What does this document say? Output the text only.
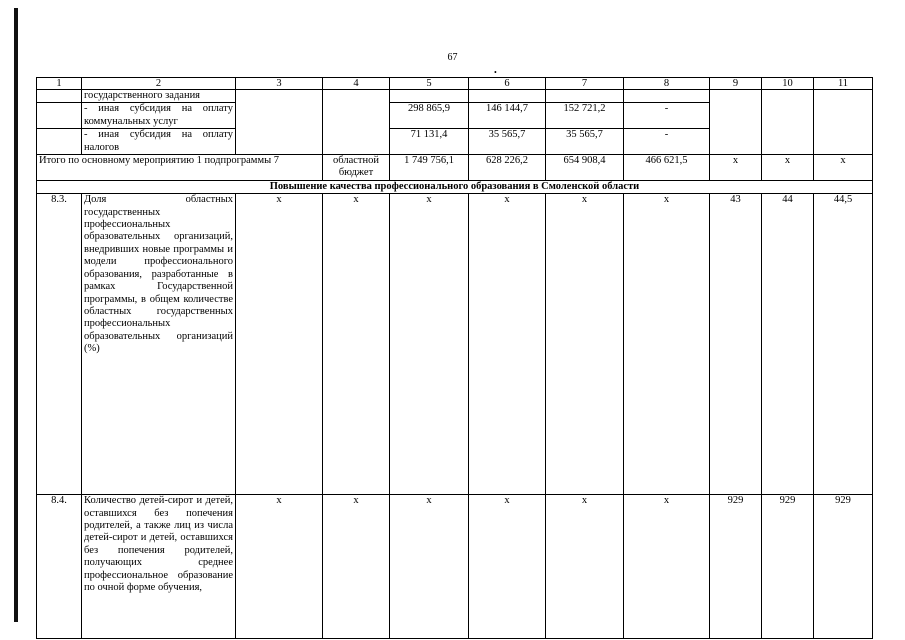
67
•
1	2	3	4	5	6	7	8	9	10	11
	государственного задания									
	- иная субсидия на оплату коммунальных услуг			298 865,9	146 144,7	152 721,2	-			
	- иная субсидия на оплату налогов			71 131,4	35 565,7	35 565,7	-			
Итого по основному мероприятию 1 подпрограммы 7			областной бюджет	1 749 756,1	628 226,2	654 908,4	466 621,5	х	х	х
Повышение качества профессионального образования в Смоленской области										
8.3.	Доля областных государственных профессиональных образовательных организаций, внедривших новые программы и модели профессионального образования, разработанные в рамках Государственной программы, в общем количестве областных государственных профессиональных образовательных организаций (%)	х	х	х	х	х	х	43	44	44,5
8.4.	Количество детей-сирот и детей, оставшихся без попечения родителей, а также лиц из числа детей-сирот и детей, оставшихся без попечения родителей, получающих среднее профессиональное образование по очной форме обучения,	х	х	х	х	х	х	929	929	929
